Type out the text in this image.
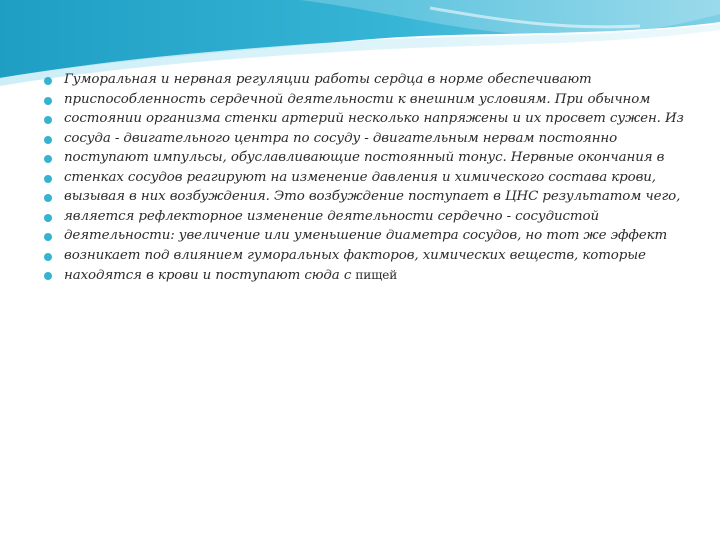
Гуморальная и нервная регуляции работы сердца в норме обеспечивают
приспособленность сердечной деятельности к внешним условиям. При обычном
состоянии организма стенки артерий несколько напряжены и их просвет сужен. Из
сосуда - двигательного центра по сосуду - двигательным нервам постоянно
поступают импульсы, обуславливающие постоянный тонус. Нервные окончания в
стенках сосудов реагируют на изменение давления и химического состава крови,
вызывая в них возбуждения. Это возбуждение поступает в ЦНС результатом чего,
является рефлекторное изменение деятельности сердечно - сосудистой
деятельности: увеличение или уменьшение диаметра сосудов, но тот же эффект
возникает под влиянием гуморальных факторов, химических веществ, которые
находятся в крови и поступают сюда с пищей
